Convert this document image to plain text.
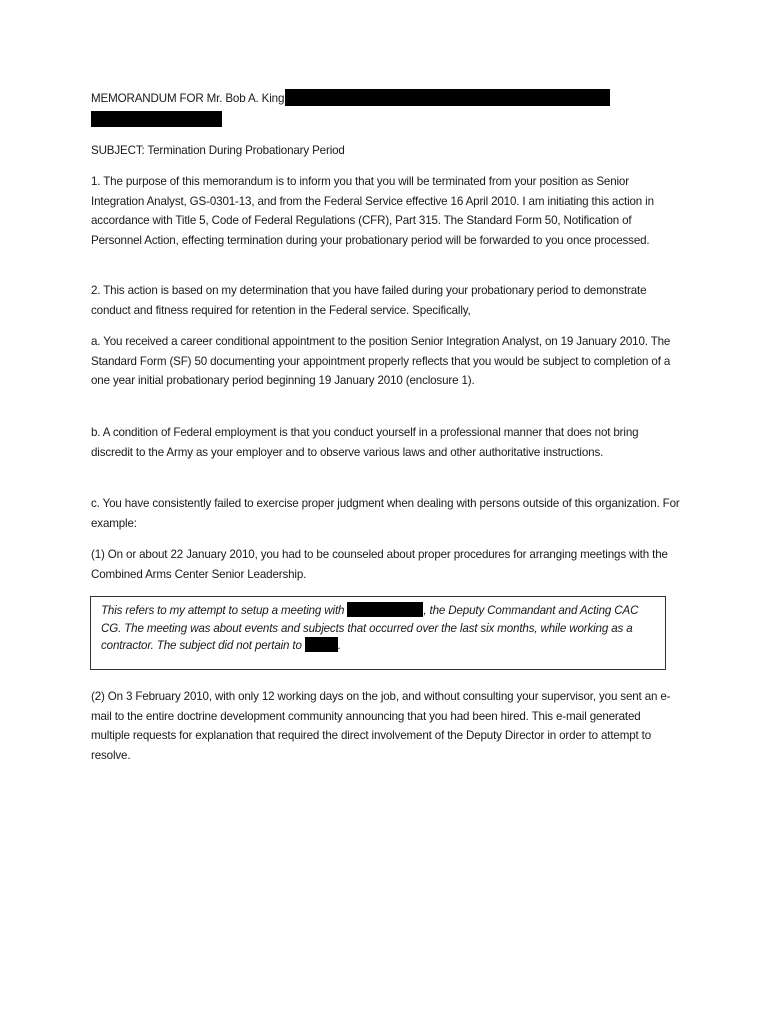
MEMORANDUM FOR Mr. Bob A. King
SUBJECT: Termination During Probationary Period
1. The purpose of this memorandum is to inform you that you will be terminated from your position as Senior Integration Analyst, GS-0301-13, and from the Federal Service effective 16 April 2010. I am initiating this action in accordance with Title 5, Code of Federal Regulations (CFR), Part 315. The Standard Form 50, Notification of Personnel Action, effecting termination during your probationary period will be forwarded to you once processed.
2. This action is based on my determination that you have failed during your probationary period to demonstrate conduct and fitness required for retention in the Federal service. Specifically,
a. You received a career conditional appointment to the position Senior Integration Analyst, on 19 January 2010. The Standard Form (SF) 50 documenting your appointment properly reflects that you would be subject to completion of a one year initial probationary period beginning 19 January 2010 (enclosure 1).
b. A condition of Federal employment is that you conduct yourself in a professional manner that does not bring discredit to the Army as your employer and to observe various laws and other authoritative instructions.
c. You have consistently failed to exercise proper judgment when dealing with persons outside of this organization. For example:
(1) On or about 22 January 2010, you had to be counseled about proper procedures for arranging meetings with the Combined Arms Center Senior Leadership.
This refers to my attempt to setup a meeting with	, the Deputy Commandant and Acting CAC CG. The meeting was about events and subjects that occurred over the last six months, while working as a contractor. The subject did not pertain to	.
(2) On 3 February 2010, with only 12 working days on the job, and without consulting your supervisor, you sent an e-mail to the entire doctrine development community announcing that you had been hired. This e-mail generated multiple requests for explanation that required the direct involvement of the Deputy Director in order to attempt to resolve.
